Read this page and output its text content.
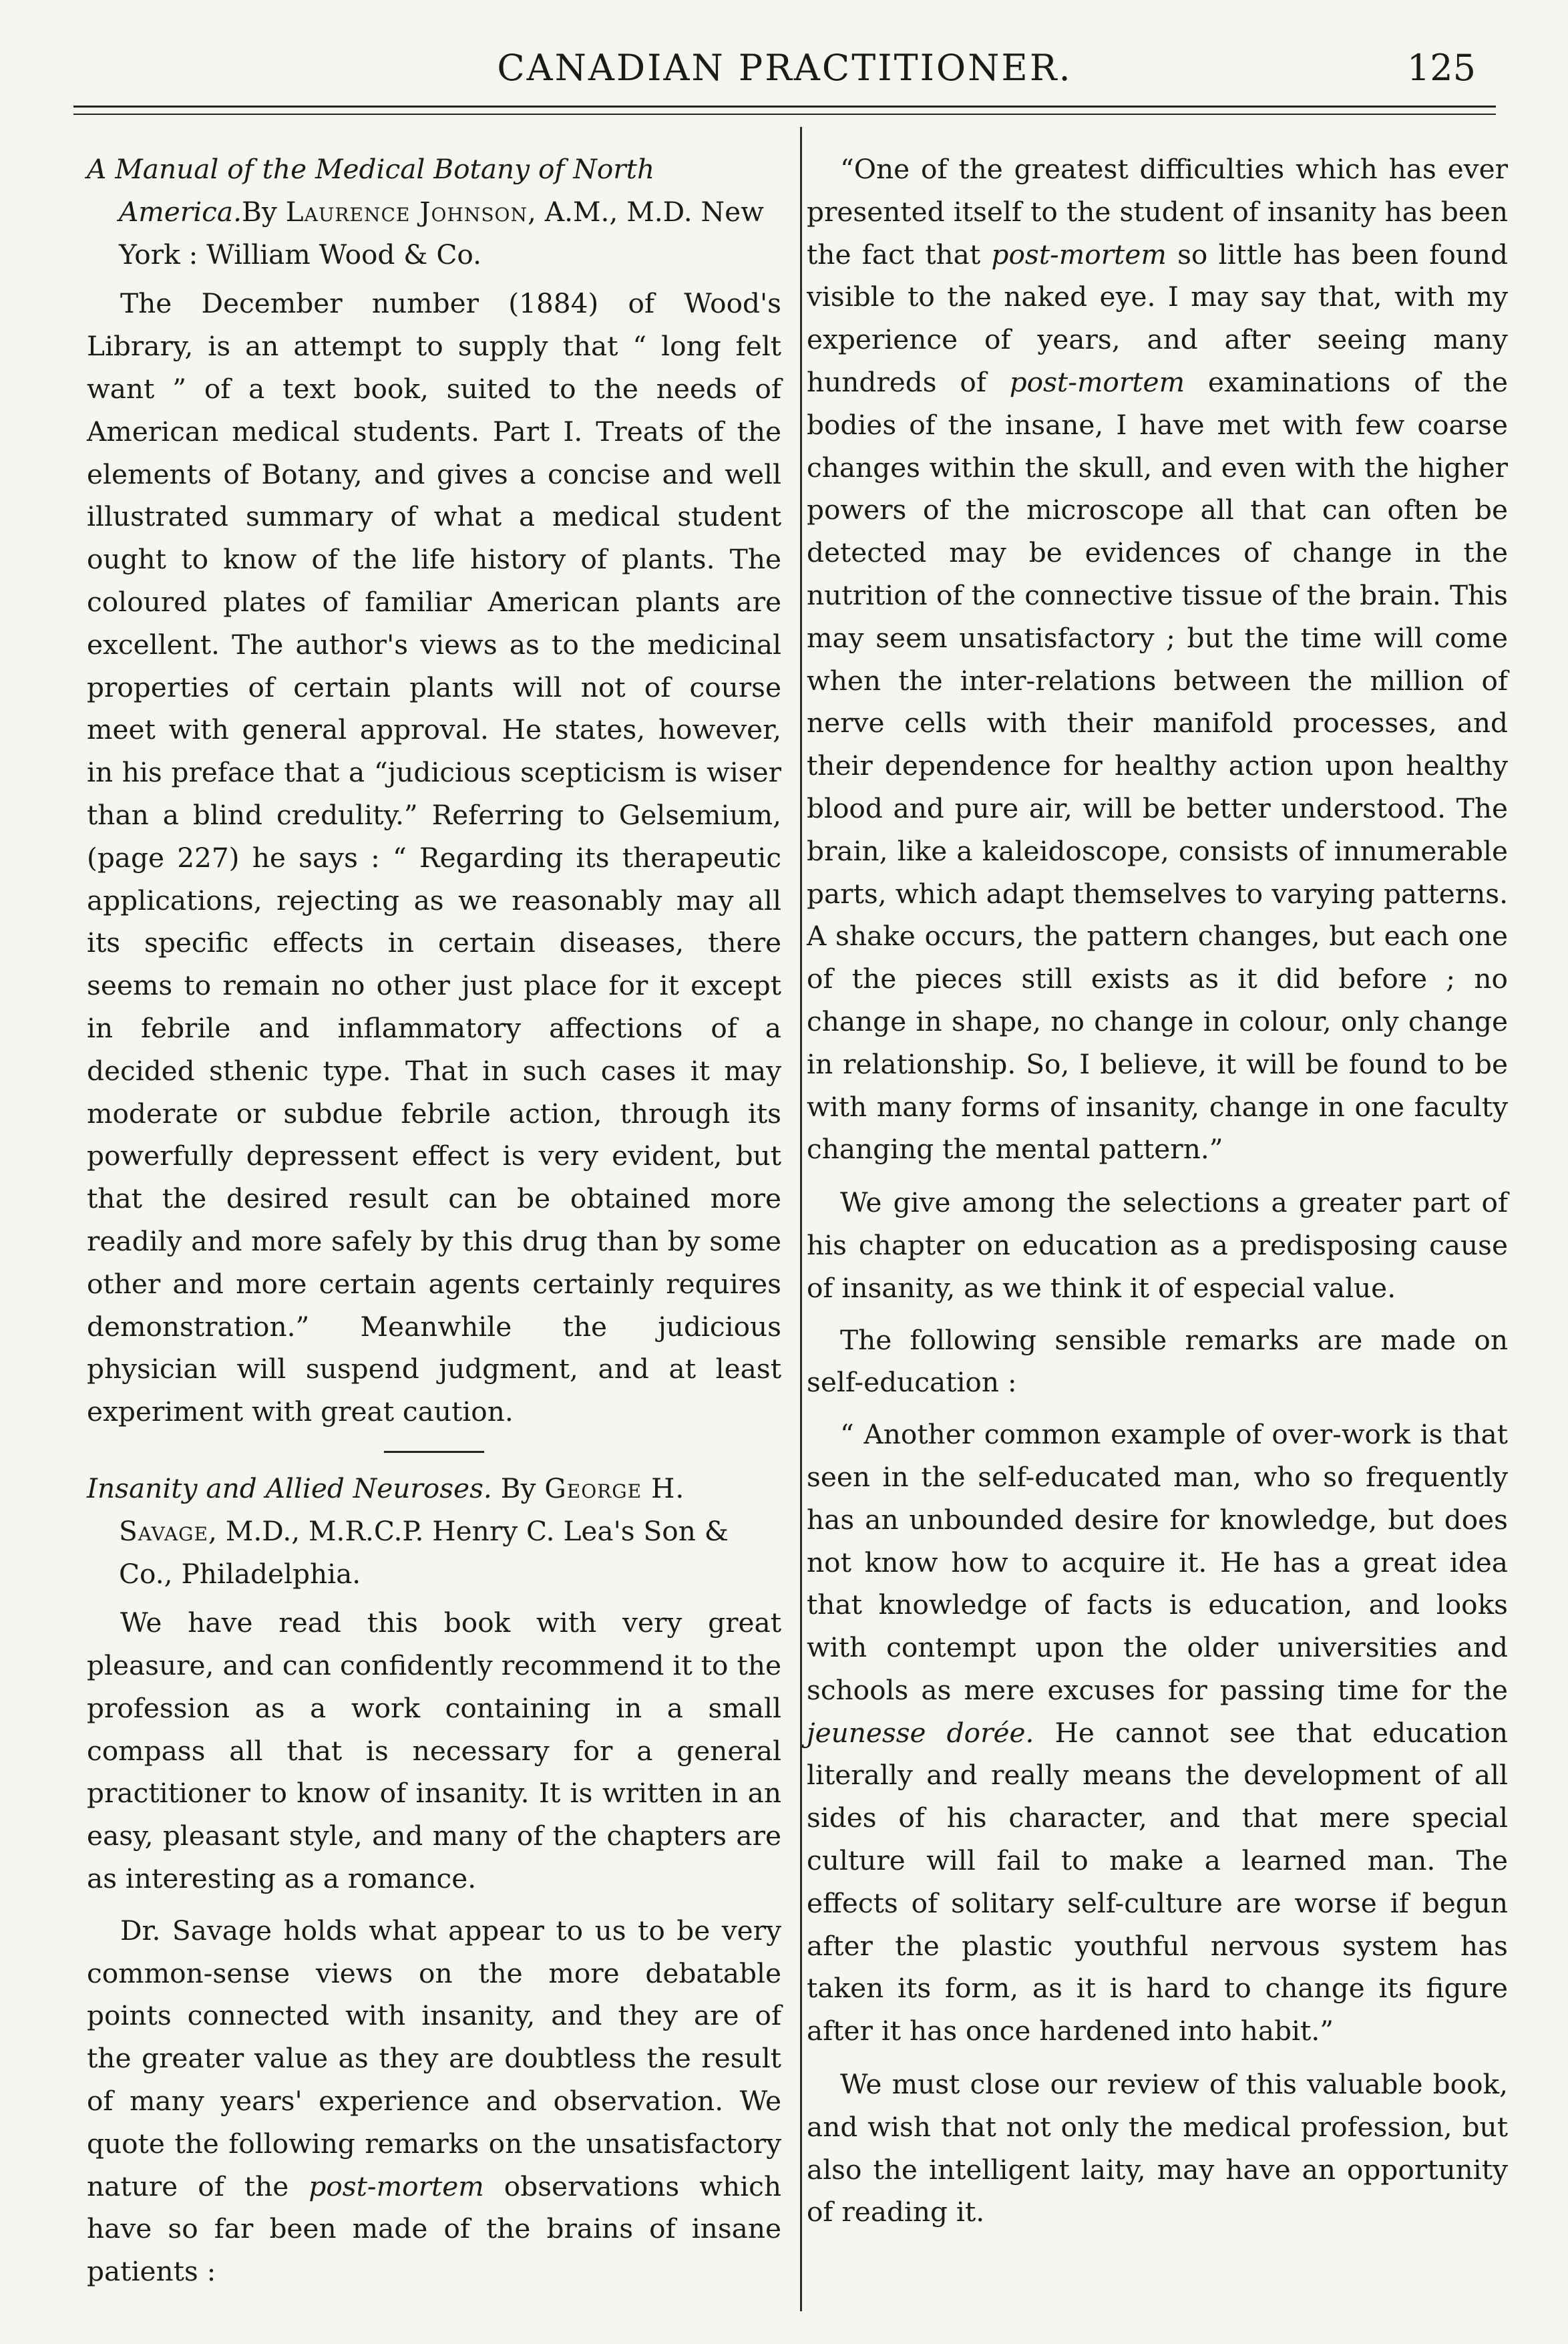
CANADIAN PRACTITIONER.	125

A Manual of the Medical Botany of North America.By Laurence Johnson, A.M., M.D. New York : William Wood & Co.

The December number (1884) of Wood's Library, is an attempt to supply that “ long felt want ” of a text book, suited to the needs of American medical students. Part I. Treats of the elements of Botany, and gives a concise and well illustrated summary of what a medical student ought to know of the life history of plants. The coloured plates of familiar American plants are excellent. The author's views as to the medicinal properties of certain plants will not of course meet with general approval. He states, however, in his preface that a “judicious scepticism is wiser than a blind credulity.” Referring to Gelsemium, (page 227) he says : “ Regarding its therapeutic applications, rejecting as we reasonably may all its specific effects in certain diseases, there seems to remain no other just place for it except in febrile and inflammatory affections of a decided sthenic type. That in such cases it may moderate or subdue febrile action, through its powerfully depressent effect is very evident, but that the desired result can be obtained more readily and more safely by this drug than by some other and more certain agents certainly requires demonstration.” Meanwhile the judicious physician will suspend judgment, and at least experiment with great caution.

Insanity and Allied Neuroses. By George H. Savage, M.D., M.R.C.P. Henry C. Lea's Son & Co., Philadelphia.

We have read this book with very great pleasure, and can confidently recommend it to the profession as a work containing in a small compass all that is necessary for a general practitioner to know of insanity. It is written in an easy, pleasant style, and many of the chapters are as interesting as a romance.

Dr. Savage holds what appear to us to be very common-sense views on the more debatable points connected with insanity, and they are of the greater value as they are doubtless the result of many years' experience and observation. We quote the following remarks on the unsatisfactory nature of the post-mortem observations which have so far been made of the brains of insane patients :

“One of the greatest difficulties which has ever presented itself to the student of insanity has been the fact that post-mortem so little has been found visible to the naked eye. I may say that, with my experience of years, and after seeing many hundreds of post-mortem examinations of the bodies of the insane, I have met with few coarse changes within the skull, and even with the higher powers of the microscope all that can often be detected may be evidences of change in the nutrition of the connective tissue of the brain. This may seem unsatisfactory ; but the time will come when the inter-relations between the million of nerve cells with their manifold processes, and their dependence for healthy action upon healthy blood and pure air, will be better understood. The brain, like a kaleidoscope, consists of innumerable parts, which adapt themselves to varying patterns. A shake occurs, the pattern changes, but each one of the pieces still exists as it did before ; no change in shape, no change in colour, only change in relationship. So, I believe, it will be found to be with many forms of insanity, change in one faculty changing the mental pattern.”

We give among the selections a greater part of his chapter on education as a predisposing cause of insanity, as we think it of especial value.

The following sensible remarks are made on self-education :

“ Another common example of over-work is that seen in the self-educated man, who so frequently has an unbounded desire for knowledge, but does not know how to acquire it. He has a great idea that knowledge of facts is education, and looks with contempt upon the older universities and schools as mere excuses for passing time for the jeunesse dorée. He cannot see that education literally and really means the development of all sides of his character, and that mere special culture will fail to make a learned man. The effects of solitary self-culture are worse if begun after the plastic youthful nervous system has taken its form, as it is hard to change its figure after it has once hardened into habit.”

We must close our review of this valuable book, and wish that not only the medical profession, but also the intelligent laity, may have an opportunity of reading it.
